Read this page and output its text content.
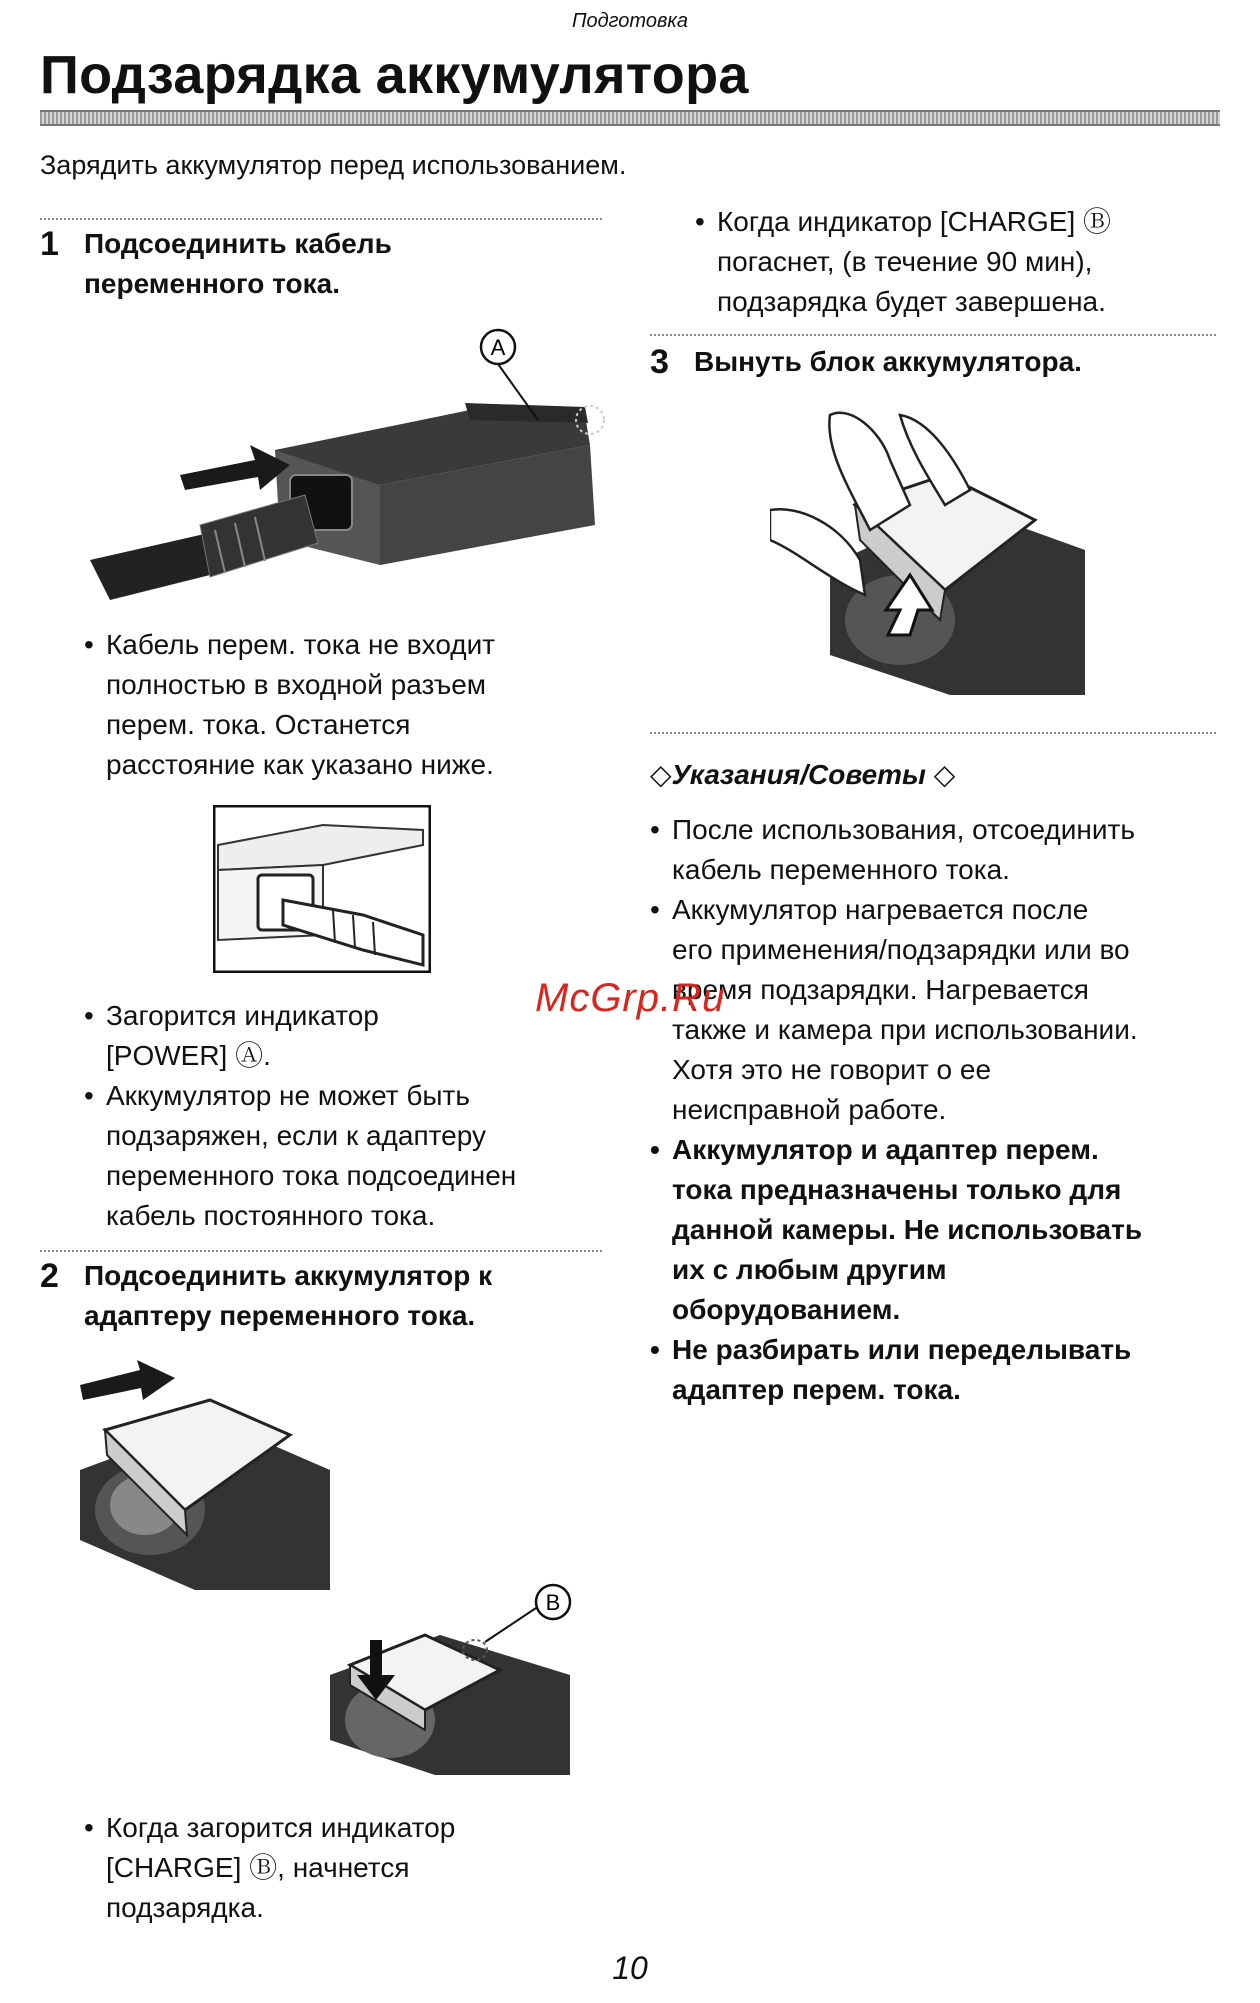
Подготовка
Подзарядка аккумулятора
Зарядить аккумулятор перед использованием.
1 Подсоединить кабель
переменного тока.
A

• Кабель перем. тока не входит
полностью в входной разъем
перем. тока. Останется
расстояние как указано ниже.

• Загорится индикатор
[POWER] Ⓐ.

• Аккумулятор не может быть
подзаряжен, если к адаптеру
переменного тока подсоединен
кабель постоянного тока.

2 Подсоединить аккумулятор к
адаптеру переменного тока.
B

• Когда загорится индикатор
[CHARGE] Ⓑ, начнется
подзарядка.

• Когда индикатор [CHARGE] Ⓑ
погаснет, (в течение 90 мин),
подзарядка будет завершена.

3 Вынуть блок аккумулятора.
◇Указания/Советы ◇

• После использования, отсоединить
кабель переменного тока.

• Аккумулятор нагревается после
его применения/подзарядки или во
время подзарядки. Нагревается
также и камера при использовании.
Хотя это не говорит о ее
неисправной работе.

• Аккумулятор и адаптер перем.
тока предназначены только для
данной камеры. Не использовать
их с любым другим
оборудованием.

• Не разбирать или переделывать
адаптер перем. тока.

McGrp.Ru
10
